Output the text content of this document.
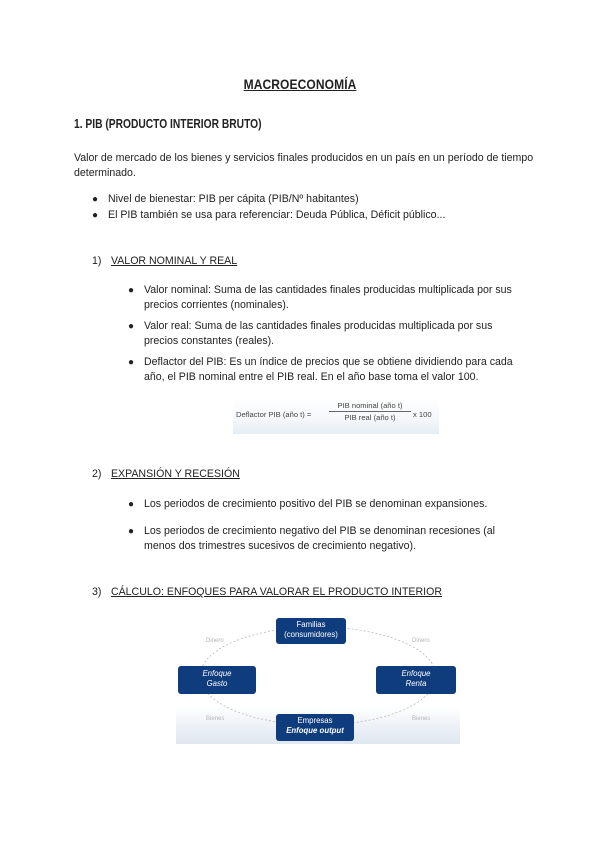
MACROECONOMÍA
1. PIB (PRODUCTO INTERIOR BRUTO)
Valor de mercado de los bienes y servicios finales producidos en un país en un período de tiempo determinado.
● Nivel de bienestar: PIB per cápita (PIB/Nº habitantes)
● El PIB también se usa para referenciar: Deuda Pública, Déficit público...
1) VALOR NOMINAL Y REAL
● Valor nominal: Suma de las cantidades finales producidas multiplicada por sus precios corrientes (nominales).
● Valor real: Suma de las cantidades finales producidas multiplicada por sus precios constantes (reales).
● Deflactor del PIB: Es un índice de precios que se obtiene dividiendo para cada año, el PIB nominal entre el PIB real. En el año base toma el valor 100.
Deflactor PIB (año t) =
PIB nominal (año t)
PIB real (año t)	x 100
2) EXPANSIÓN Y RECESIÓN
● Los periodos de crecimiento positivo del PIB se denominan expansiones.
● Los periodos de crecimiento negativo del PIB se denominan recesiones (al menos dos trimestres sucesivos de crecimiento negativo).
3) CÁLCULO: ENFOQUES PARA VALORAR EL PRODUCTO INTERIOR
Familias
(consumidores)
Enfoque
Gasto
Enfoque
Renta
Empresas
Enfoque output
Dinero	Dinero
Bienes	Bienes
